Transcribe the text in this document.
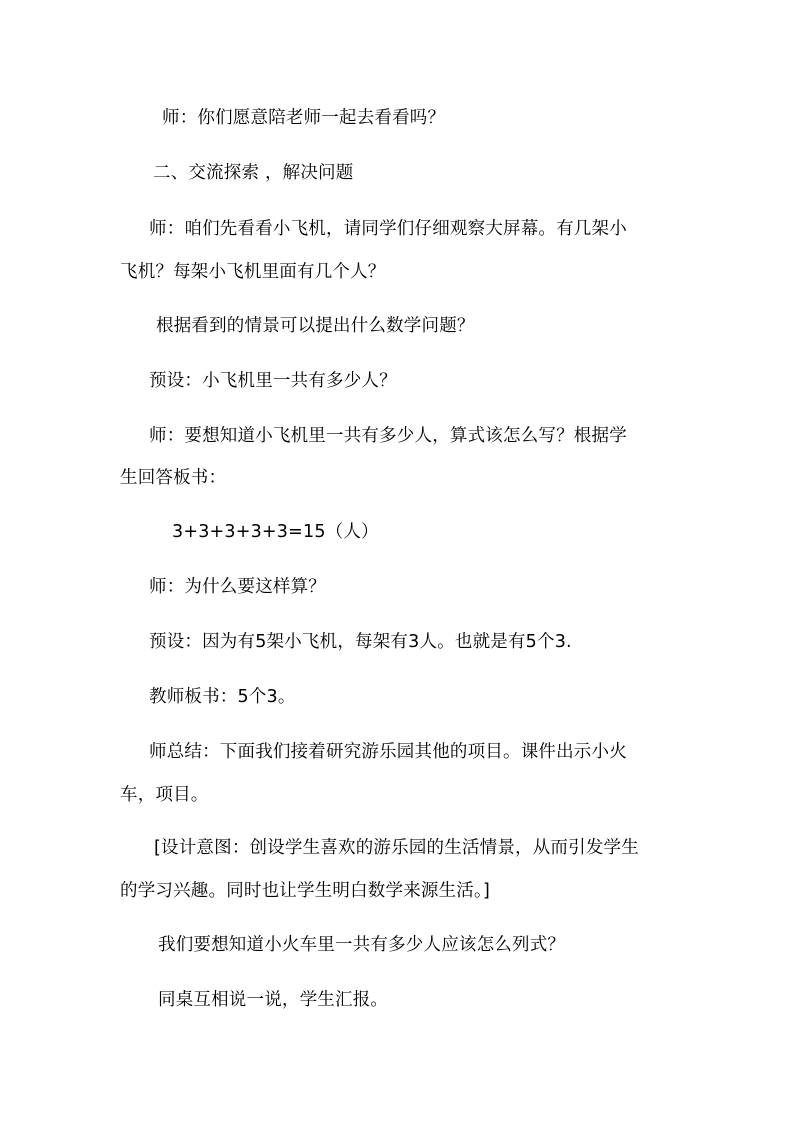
师：你们愿意陪老师一起去看看吗？
二、交流探索 ，解决问题
师：咱们先看看小飞机，请同学们仔细观察大屏幕。有几架小
飞机？每架小飞机里面有几个人？
根据看到的情景可以提出什么数学问题？
预设：小飞机里一共有多少人？
师：要想知道小飞机里一共有多少人，算式该怎么写？根据学
生回答板书：
3+3+3+3+3=15（人）
师：为什么要这样算？
预设：因为有5架小飞机，每架有3人。也就是有5个3.
教师板书：5个3。
师总结：下面我们接着研究游乐园其他的项目。课件出示小火
车，项目。
[设计意图：创设学生喜欢的游乐园的生活情景，从而引发学生
的学习兴趣。同时也让学生明白数学来源生活。]
我们要想知道小火车里一共有多少人应该怎么列式？
同桌互相说一说，学生汇报。
